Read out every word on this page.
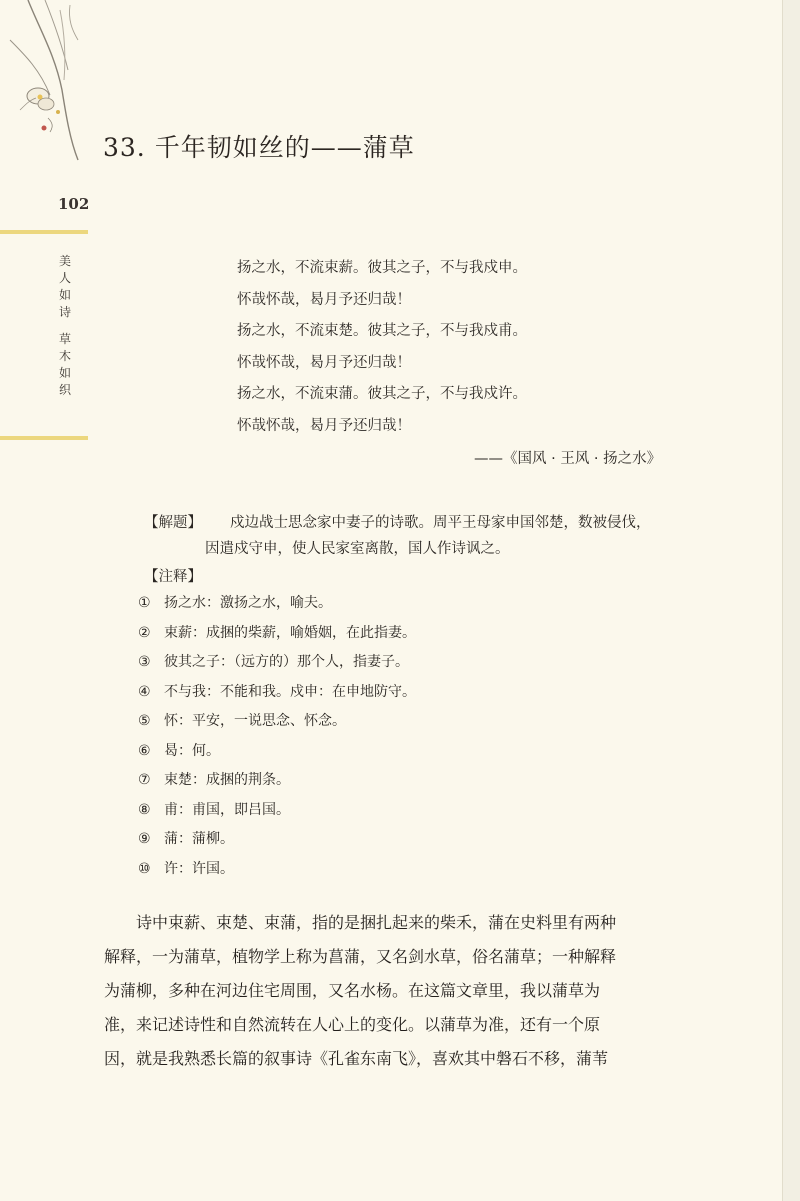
102
美
人
如
诗
草
木
如
织
33. 千年韧如丝的——蒲草
扬之水，不流束薪。彼其之子，不与我戍申。
怀哉怀哉，曷月予还归哉！
扬之水，不流束楚。彼其之子，不与我戍甫。
怀哉怀哉，曷月予还归哉！
扬之水，不流束蒲。彼其之子，不与我戍许。
怀哉怀哉，曷月予还归哉！
——《国风 · 王风 · 扬之水》
【解题】 戍边战士思念家中妻子的诗歌。周平王母家申国邻楚，数被侵伐，
因遣戍守申，使人民家室离散，国人作诗讽之。
【注释】
① 扬之水：激扬之水，喻夫。
② 束薪：成捆的柴薪，喻婚姻，在此指妻。
③ 彼其之子：（远方的）那个人，指妻子。
④ 不与我：不能和我。戍申：在申地防守。
⑤ 怀：平安，一说思念、怀念。
⑥ 曷：何。
⑦ 束楚：成捆的荆条。
⑧ 甫：甫国，即吕国。
⑨ 蒲：蒲柳。
⑩ 许：许国。
诗中束薪、束楚、束蒲，指的是捆扎起来的柴禾，蒲在史料里有两种
解释，一为蒲草，植物学上称为菖蒲，又名剑水草，俗名蒲草；一种解释
为蒲柳，多种在河边住宅周围，又名水杨。在这篇文章里，我以蒲草为
准，来记述诗性和自然流转在人心上的变化。以蒲草为准，还有一个原
因，就是我熟悉长篇的叙事诗《孔雀东南飞》，喜欢其中磐石不移，蒲苇
